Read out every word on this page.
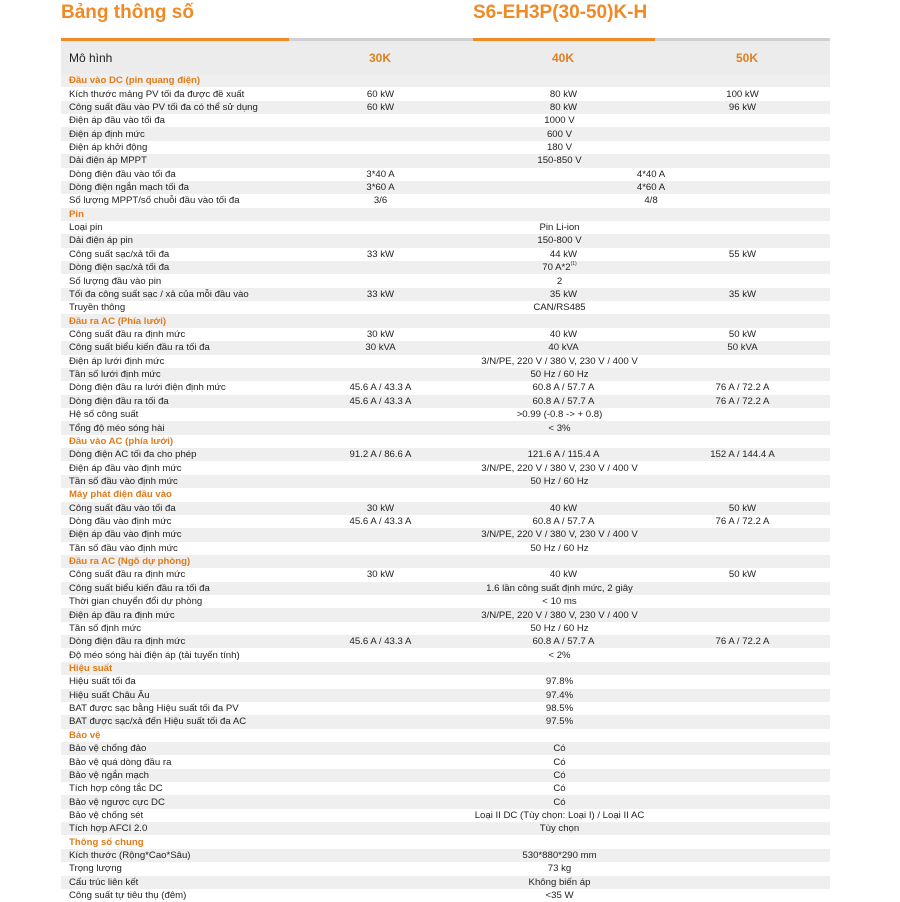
Bảng thông số	S6-EH3P(30-50)K-H
Mô hình	30K	40K	50K
Đầu vào DC (pin quang điện)			
Kích thước mảng PV tối đa được đề xuất	60 kW	80 kW	100 kW
Công suất đầu vào PV tối đa có thể sử dụng	60 kW	80 kW	96 kW
Điện áp đầu vào tối đa	1000 V		
Điện áp định mức	600 V		
Điện áp khởi động	180 V		
Dải điện áp MPPT	150-850 V		
Dòng điện đầu vào tối đa	3*40 A	4*40 A	
Dòng điện ngắn mạch tối đa	3*60 A	4*60 A	
Số lượng MPPT/số chuỗi đầu vào tối đa	3/6	4/8	
Pin			
Loại pin	Pin Li-ion		
Dải điện áp pin	150-800 V		
Công suất sạc/xả tối đa	33 kW	44 kW	55 kW
Dòng điện sạc/xả tối đa	70 A*2$^{(1)}$
Số lượng đầu vào pin	2		
Tối đa công suất sạc / xả của mỗi đầu vào	33 kW	35 kW	35 kW
Truyền thông	CAN/RS485		
Đầu ra AC (Phía lưới)			
Công suất đầu ra định mức	30 kW	40 kW	50 kW
Công suất biểu kiến đầu ra tối đa	30 kVA	40 kVA	50 kVA
Điện áp lưới định mức	3/N/PE, 220 V / 380 V, 230 V / 400 V		
Tần số lưới định mức	50 Hz / 60 Hz		
Dòng điện đầu ra lưới điện định mức	45.6 A / 43.3 A	60.8 A / 57.7 A	76 A / 72.2 A
Dòng điện đầu ra tối đa	45.6 A / 43.3 A	60.8 A / 57.7 A	76 A / 72.2 A
Hệ số công suất	>0.99 (-0.8 -> + 0.8)		
Tổng độ méo sóng hài	< 3%		
Đầu vào AC (phía lưới)			
Dòng điện AC tối đa cho phép	91.2 A / 86.6 A	121.6 A / 115.4 A	152 A / 144.4 A
Điện áp đầu vào định mức	3/N/PE, 220 V / 380 V, 230 V / 400 V		
Tần số đầu vào định mức	50 Hz / 60 Hz		
Máy phát điện đầu vào			
Công suất đầu vào tối đa	30 kW	40 kW	50 kW
Dòng đầu vào định mức	45.6 A / 43.3 A	60.8 A / 57.7 A	76 A / 72.2 A
Điện áp đầu vào định mức	3/N/PE, 220 V / 380 V, 230 V / 400 V		
Tần số đầu vào định mức	50 Hz / 60 Hz		
Đầu ra AC (Ngõ dự phòng)			
Công suất đầu ra định mức	30 kW	40 kW	50 kW
Công suất biểu kiến đầu ra tối đa	1.6 lần công suất định mức, 2 giây		
Thời gian chuyển đổi dự phòng	< 10 ms		
Điện áp đầu ra định mức	3/N/PE, 220 V / 380 V, 230 V / 400 V		
Tần số định mức	50 Hz / 60 Hz		
Dòng điện đầu ra định mức	45.6 A / 43.3 A	60.8 A / 57.7 A	76 A / 72.2 A
Độ méo sóng hài điện áp (tải tuyến tính)	< 2%		
Hiệu suất			
Hiệu suất tối đa	97.8%		
Hiệu suất Châu Âu	97.4%		
BAT được sạc bằng Hiệu suất tối đa PV	98.5%		
BAT được sạc/xả đến Hiệu suất tối đa AC	97.5%		
Bảo vệ			
Bảo vệ chống đảo	Có		
Bảo vệ quá dòng đầu ra	Có		
Bảo vệ ngắn mạch	Có		
Tích hợp công tắc DC	Có		
Bảo vệ ngược cực DC	Có		
Bảo vệ chống sét	Loại II DC (Tùy chọn: Loại I) / Loại II AC		
Tích hợp AFCI 2.0	Tùy chọn		
Thông số chung			
Kích thước (Rộng*Cao*Sâu)	530*880*290 mm		
Trọng lượng	73 kg		
Cấu trúc liên kết	Không biến áp		
Công suất tự tiêu thụ (đêm)	<35 W		
